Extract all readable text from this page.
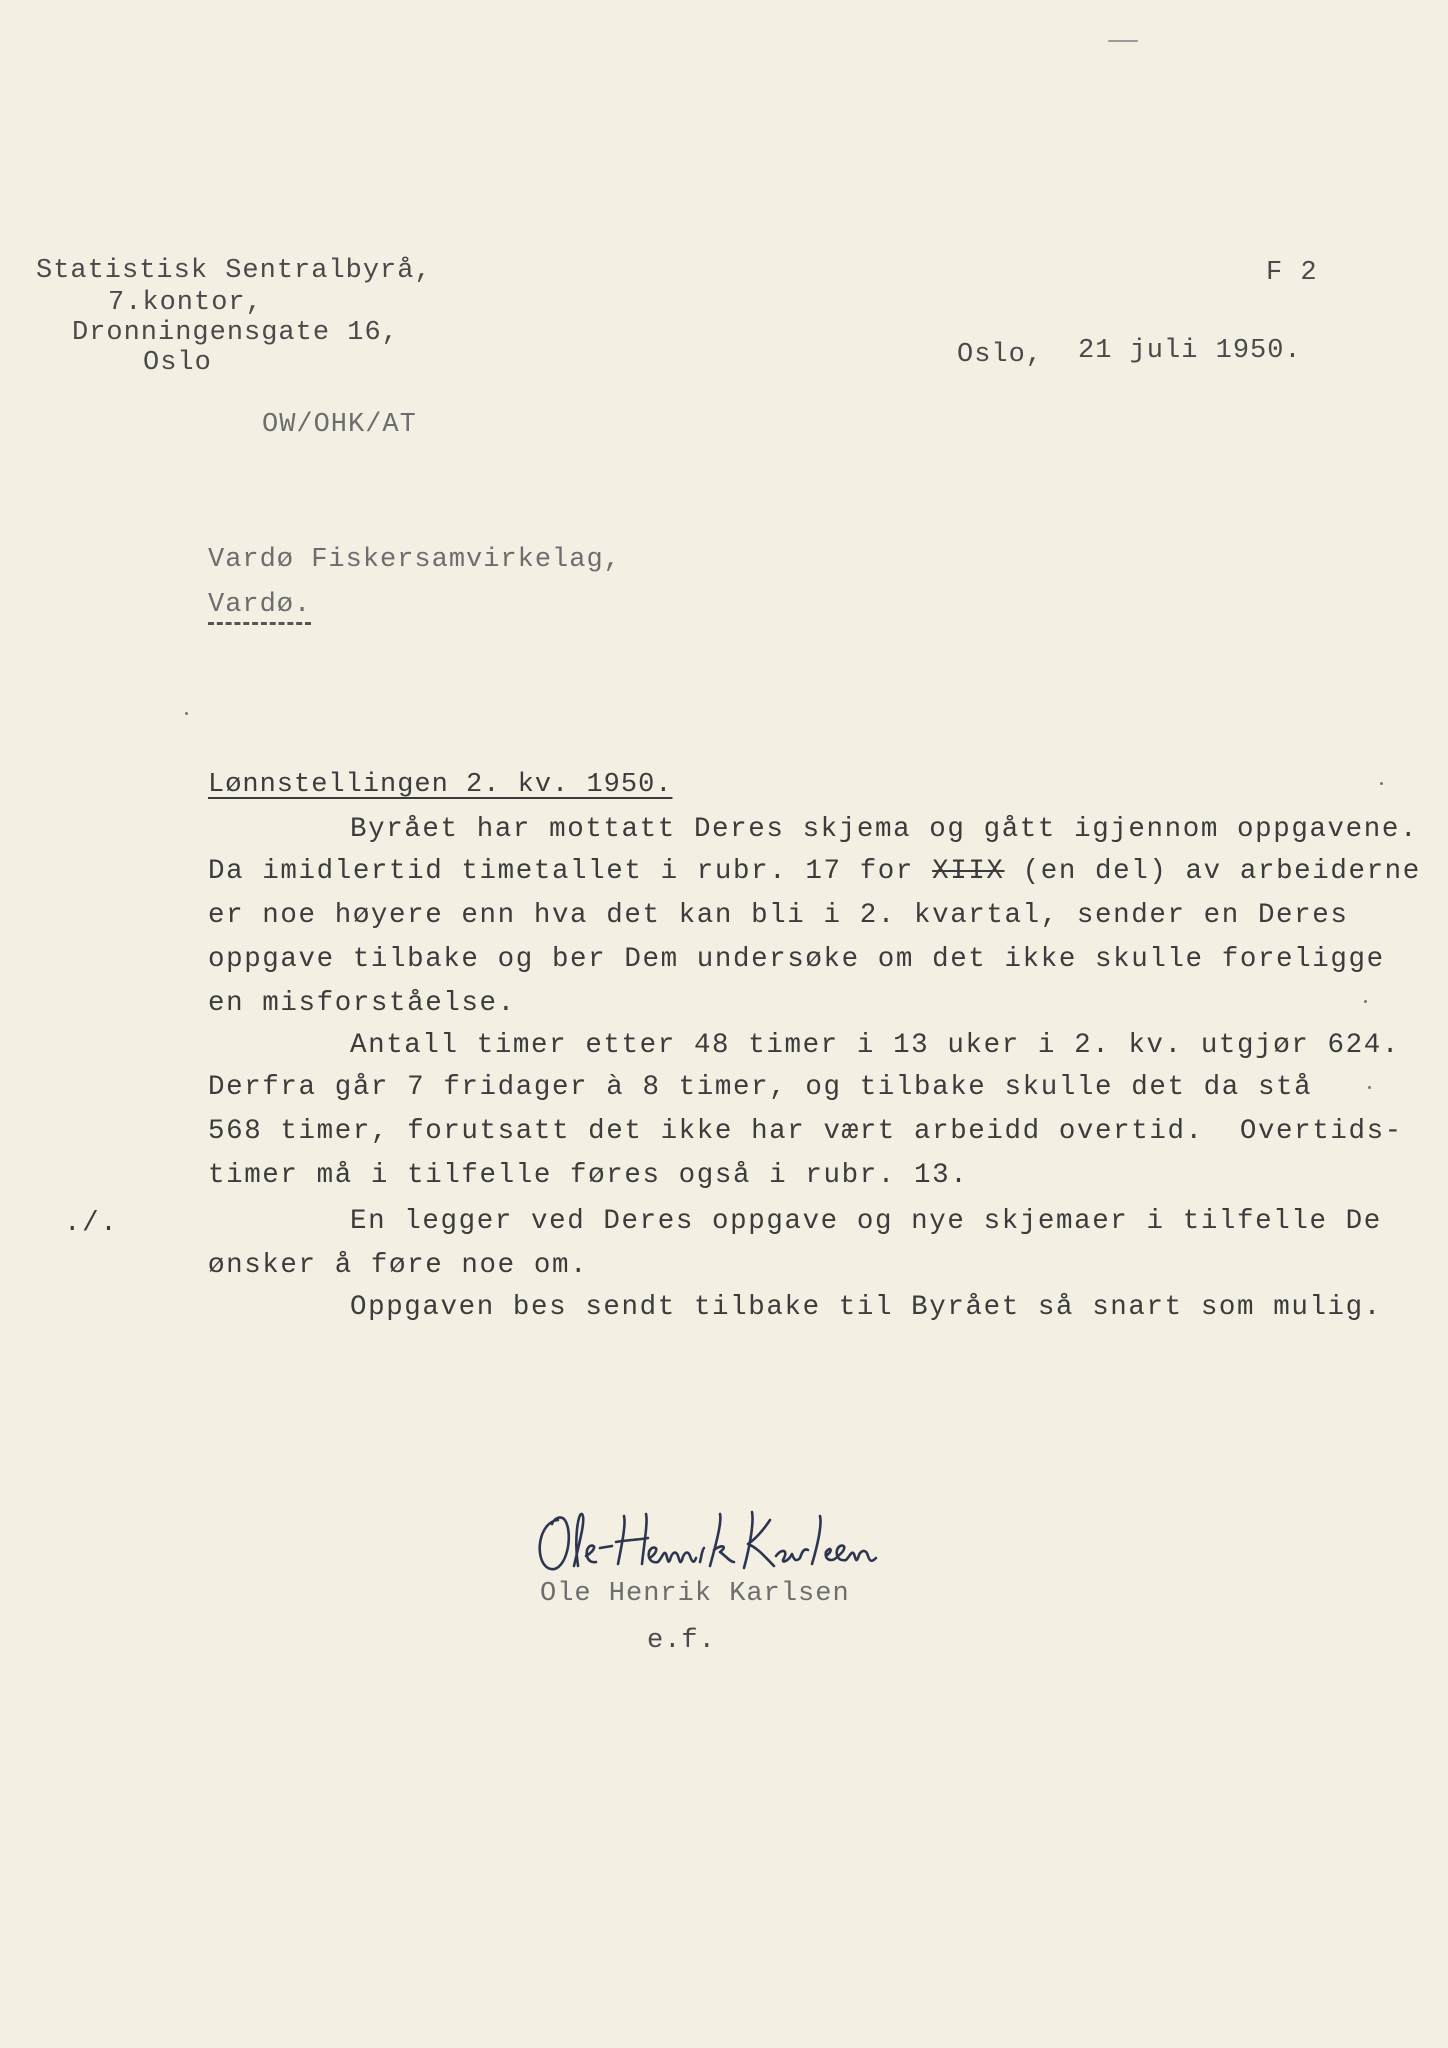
Statistisk Sentralbyrå,
7.kontor,
Dronningensgate 16,
Oslo
F 2
Oslo, 21 juli 1950.
OW/OHK/AT
Vardø Fiskersamvirkelag,
Vardø.
Lønnstellingen 2. kv. 1950.
Byrået har mottatt Deres skjema og gått igjennom oppgavene.
Da imidlertid timetallet i rubr. 17 for XIIX (en del) av arbeiderne
er noe høyere enn hva det kan bli i 2. kvartal, sender en Deres
oppgave tilbake og ber Dem undersøke om det ikke skulle foreligge
en misforståelse.
Antall timer etter 48 timer i 13 uker i 2. kv. utgjør 624.
Derfra går 7 fridager à 8 timer, og tilbake skulle det da stå
568 timer, forutsatt det ikke har vært arbeidd overtid.  Overtids-
timer må i tilfelle føres også i rubr. 13.
./.	En legger ved Deres oppgave og nye skjemaer i tilfelle De
ønsker å føre noe om.
Oppgaven bes sendt tilbake til Byrået så snart som mulig.
Ole Henrik Karlsen
e.f.
